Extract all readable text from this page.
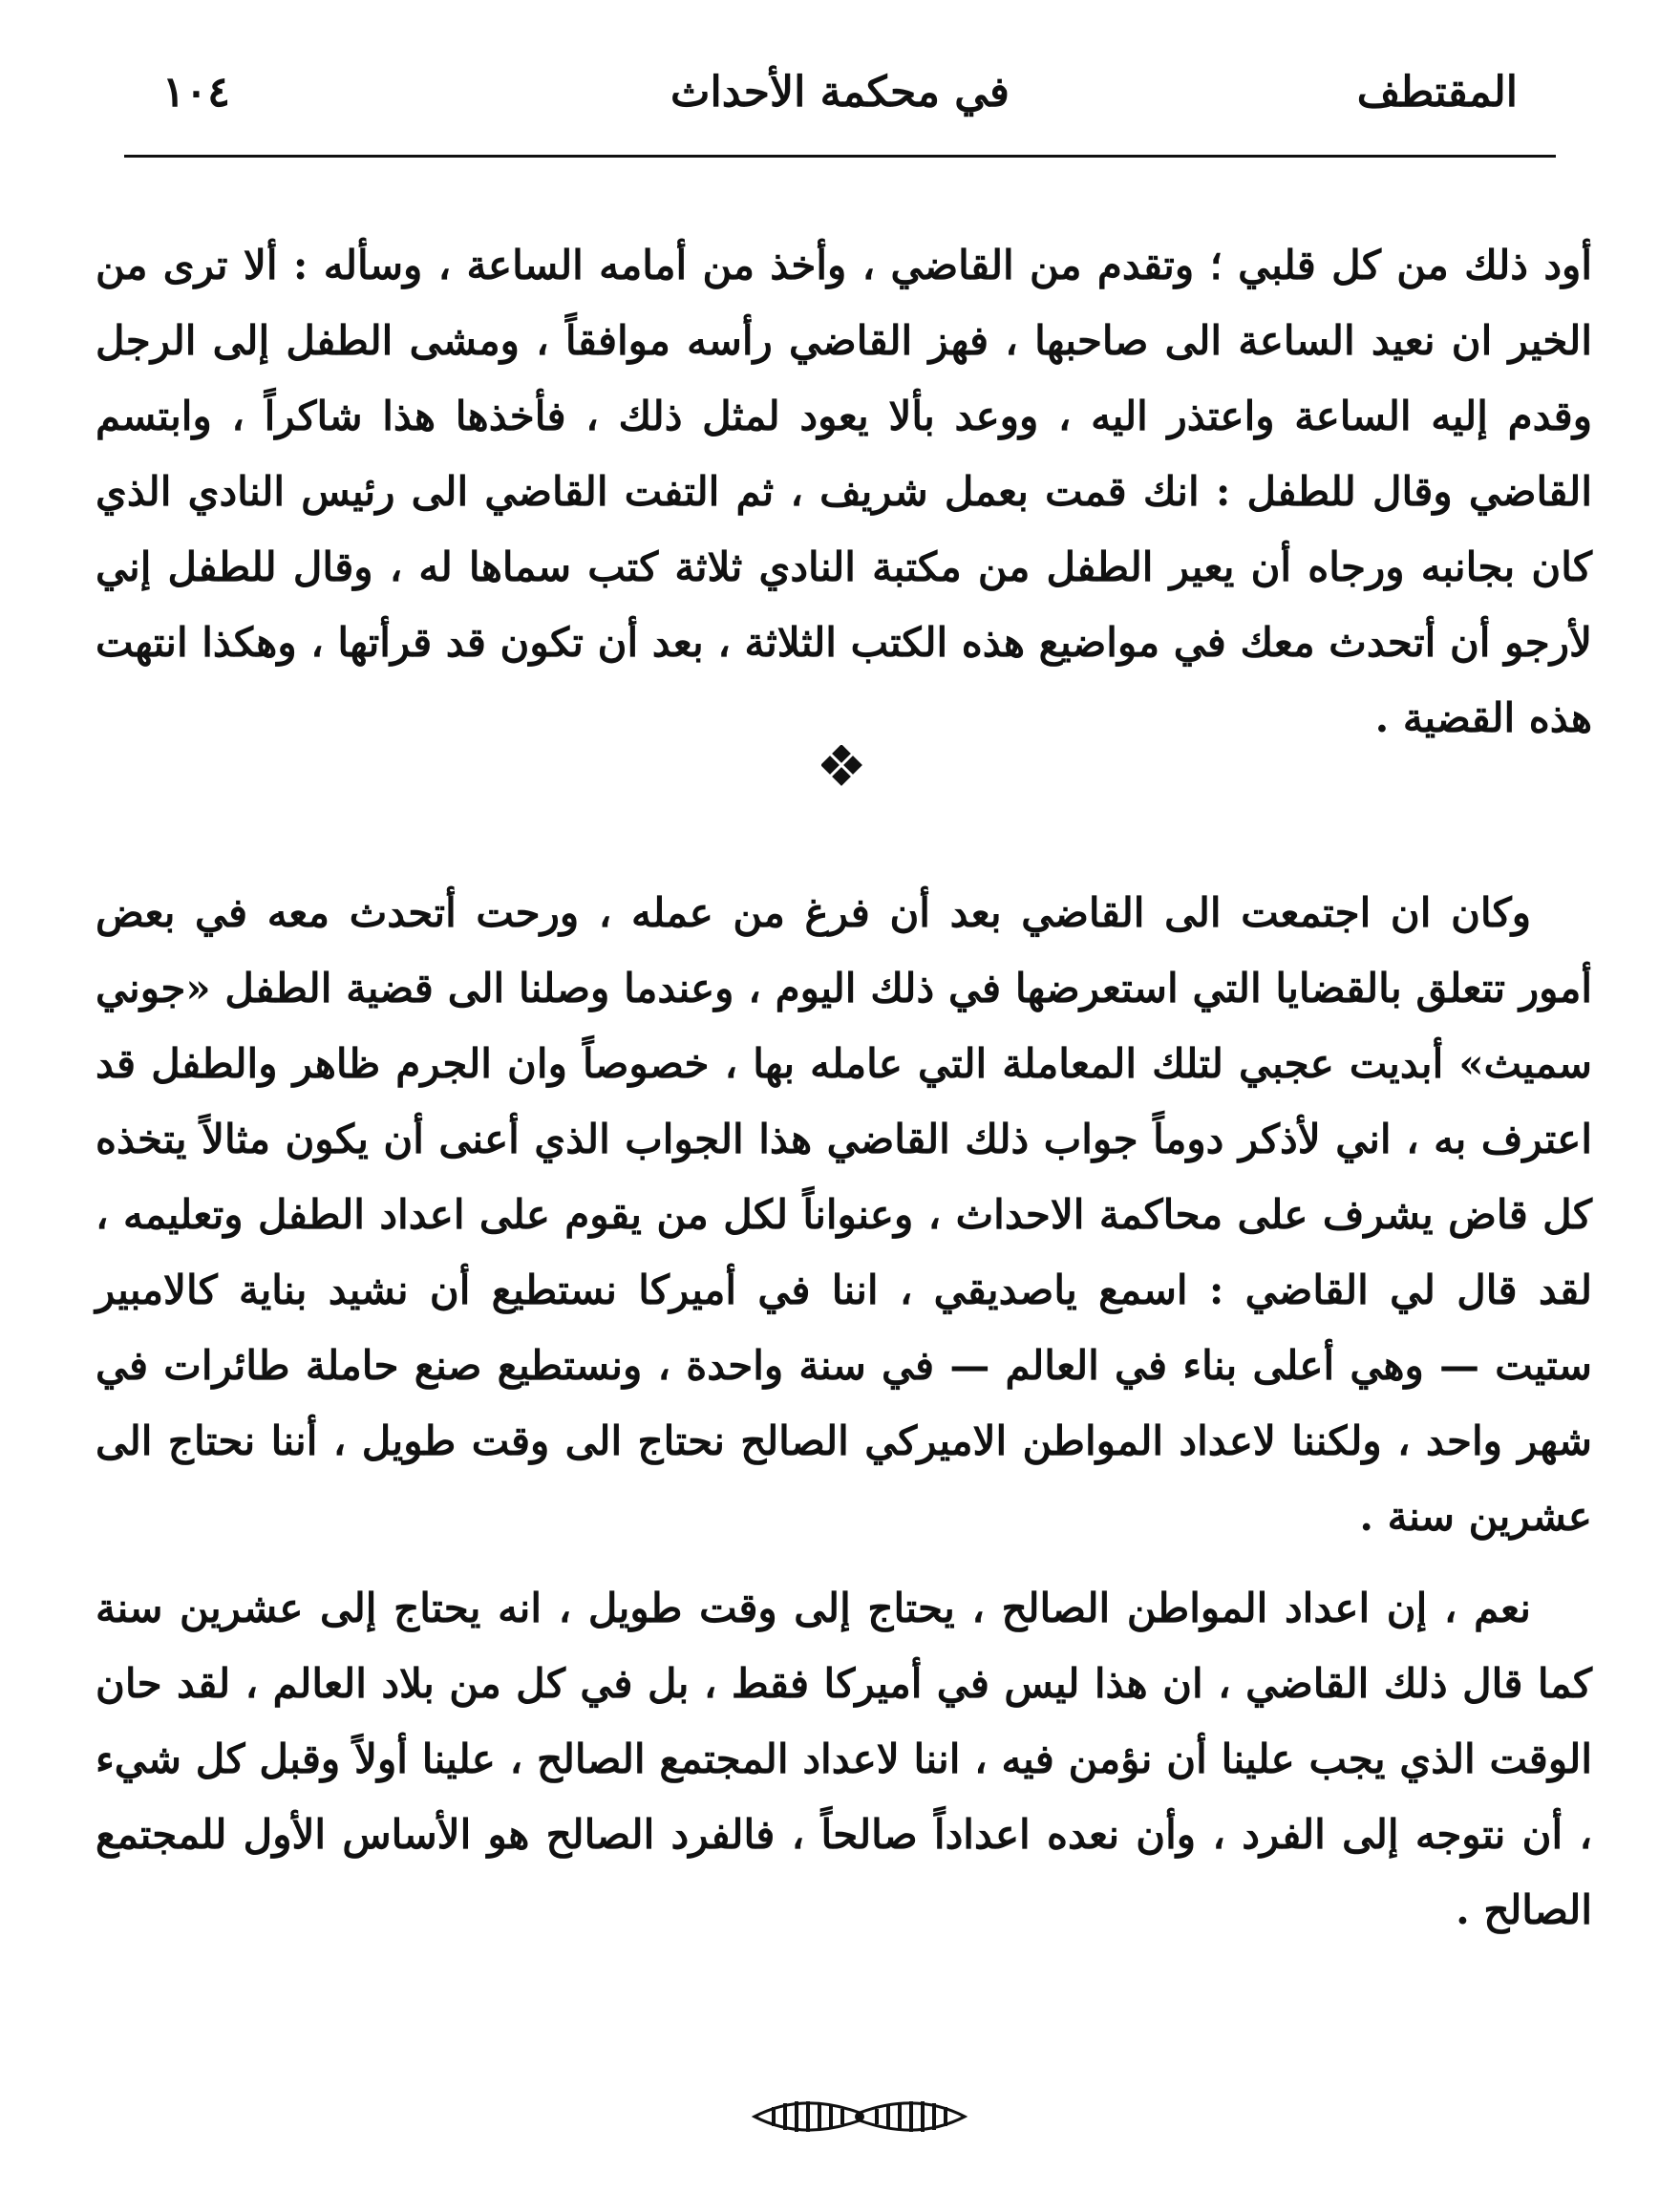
١٠٤	في محكمة الأحداث	المقتطف

أود ذلك من كل قلبي ؛ وتقدم من القاضي ، وأخذ من أمامه الساعة ، وسأله : ألا ترى من الخير ان نعيد الساعة الى صاحبها ، فهز القاضي رأسه موافقاً ، ومشى الطفل إلى الرجل وقدم إليه الساعة واعتذر اليه ، ووعد بألا يعود لمثل ذلك ، فأخذها هذا شاكراً ، وابتسم القاضي وقال للطفل : انك قمت بعمل شريف ، ثم التفت القاضي الى رئيس النادي الذي كان بجانبه ورجاه أن يعير الطفل من مكتبة النادي ثلاثة كتب سماها له ، وقال للطفل إني لأرجو أن أتحدث معك في مواضيع هذه الكتب الثلاثة ، بعد أن تكون قد قرأتها ، وهكذا انتهت هذه القضية .

وكان ان اجتمعت الى القاضي بعد أن فرغ من عمله ، ورحت أتحدث معه في بعض أمور تتعلق بالقضايا التي استعرضها في ذلك اليوم ، وعندما وصلنا الى قضية الطفل «جوني سميث» أبديت عجبي لتلك المعاملة التي عامله بها ، خصوصاً وان الجرم ظاهر والطفل قد اعترف به ، اني لأذكر دوماً جواب ذلك القاضي هذا الجواب الذي أعنى أن يكون مثالاً يتخذه كل قاض يشرف على محاكمة الاحداث ، وعنواناً لكل من يقوم على اعداد الطفل وتعليمه ، لقد قال لي القاضي : اسمع ياصديقي ، اننا في أميركا نستطيع أن نشيد بناية كالامبير ستيت — وهي أعلى بناء في العالم — في سنة واحدة ، ونستطيع صنع حاملة طائرات في شهر واحد ، ولكننا لاعداد المواطن الاميركي الصالح نحتاج الى وقت طويل ، أننا نحتاج الى عشرين سنة .

نعم ، إن اعداد المواطن الصالح ، يحتاج إلى وقت طويل ، انه يحتاج إلى عشرين سنة كما قال ذلك القاضي ، ان هذا ليس في أميركا فقط ، بل في كل من بلاد العالم ، لقد حان الوقت الذي يجب علينا أن نؤمن فيه ، اننا لاعداد المجتمع الصالح ، علينا أولاً وقبل كل شيء ، أن نتوجه إلى الفرد ، وأن نعده اعداداً صالحاً ، فالفرد الصالح هو الأساس الأول للمجتمع الصالح .
